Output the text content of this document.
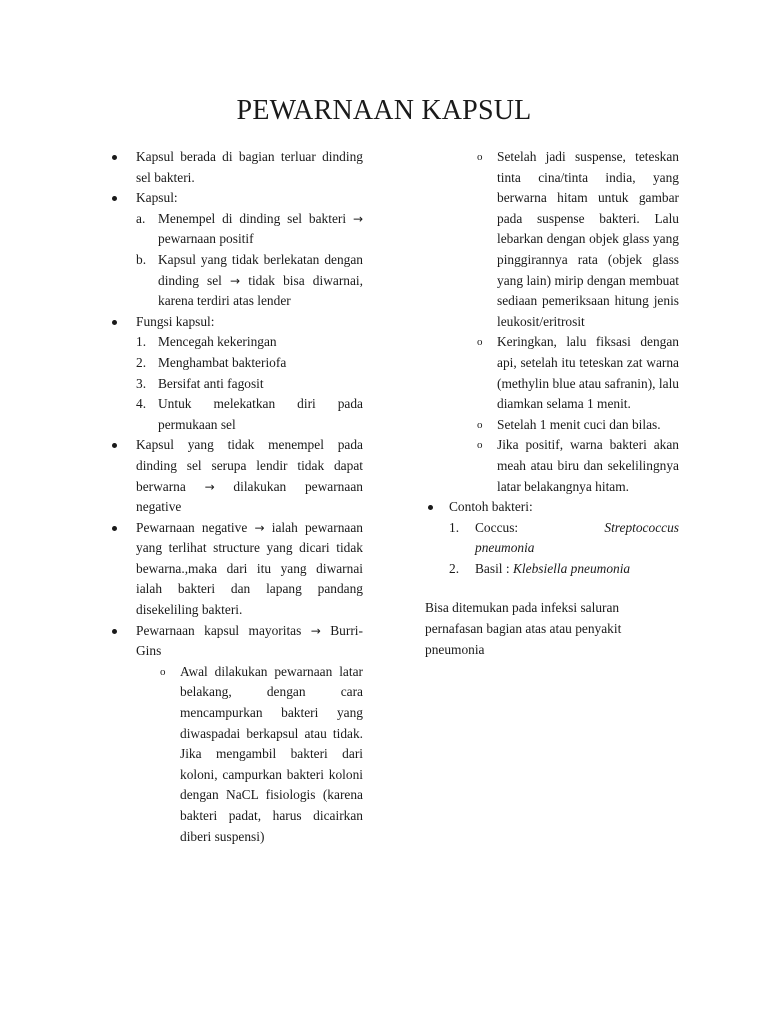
PEWARNAAN KAPSUL
Kapsul berada di bagian terluar dinding sel bakteri.
Kapsul:
a. Menempel di dinding sel bakteri → pewarnaan positif
b. Kapsul yang tidak berlekatan dengan dinding sel → tidak bisa diwarnai, karena terdiri atas lender
Fungsi kapsul:
1. Mencegah kekeringan
2. Menghambat bakteriofa
3. Bersifat anti fagosit
4. Untuk melekatkan diri pada permukaan sel
Kapsul yang tidak menempel pada dinding sel serupa lendir tidak dapat berwarna → dilakukan pewarnaan negative
Pewarnaan negative → ialah pewarnaan yang terlihat structure yang dicari tidak bewarna.,maka dari itu yang diwarnai ialah bakteri dan lapang pandang disekeliling bakteri.
Pewarnaan kapsul mayoritas → Burri-Gins
o Awal dilakukan pewarnaan latar belakang, dengan cara mencampurkan bakteri yang diwaspadai berkapsul atau tidak. Jika mengambil bakteri dari koloni, campurkan bakteri koloni dengan NaCL fisiologis (karena bakteri padat, harus dicairkan diberi suspensi)
o Setelah jadi suspense, teteskan tinta cina/tinta india, yang berwarna hitam untuk gambar pada suspense bakteri. Lalu lebarkan dengan objek glass yang pinggirannya rata (objek glass yang lain) mirip dengan membuat sediaan pemeriksaan hitung jenis leukosit/eritrosit
o Keringkan, lalu fiksasi dengan api, setelah itu teteskan zat warna (methylin blue atau safranin), lalu diamkan selama 1 menit.
o Setelah 1 menit cuci dan bilas.
o Jika positif, warna bakteri akan meah atau biru dan sekelilingnya latar belakangnya hitam.
Contoh bakteri:
1. Coccus:	Streptococcus
pneumonia
2. Basil : Klebsiella pneumonia
Bisa ditemukan pada infeksi saluran pernafasan bagian atas atau penyakit pneumonia
